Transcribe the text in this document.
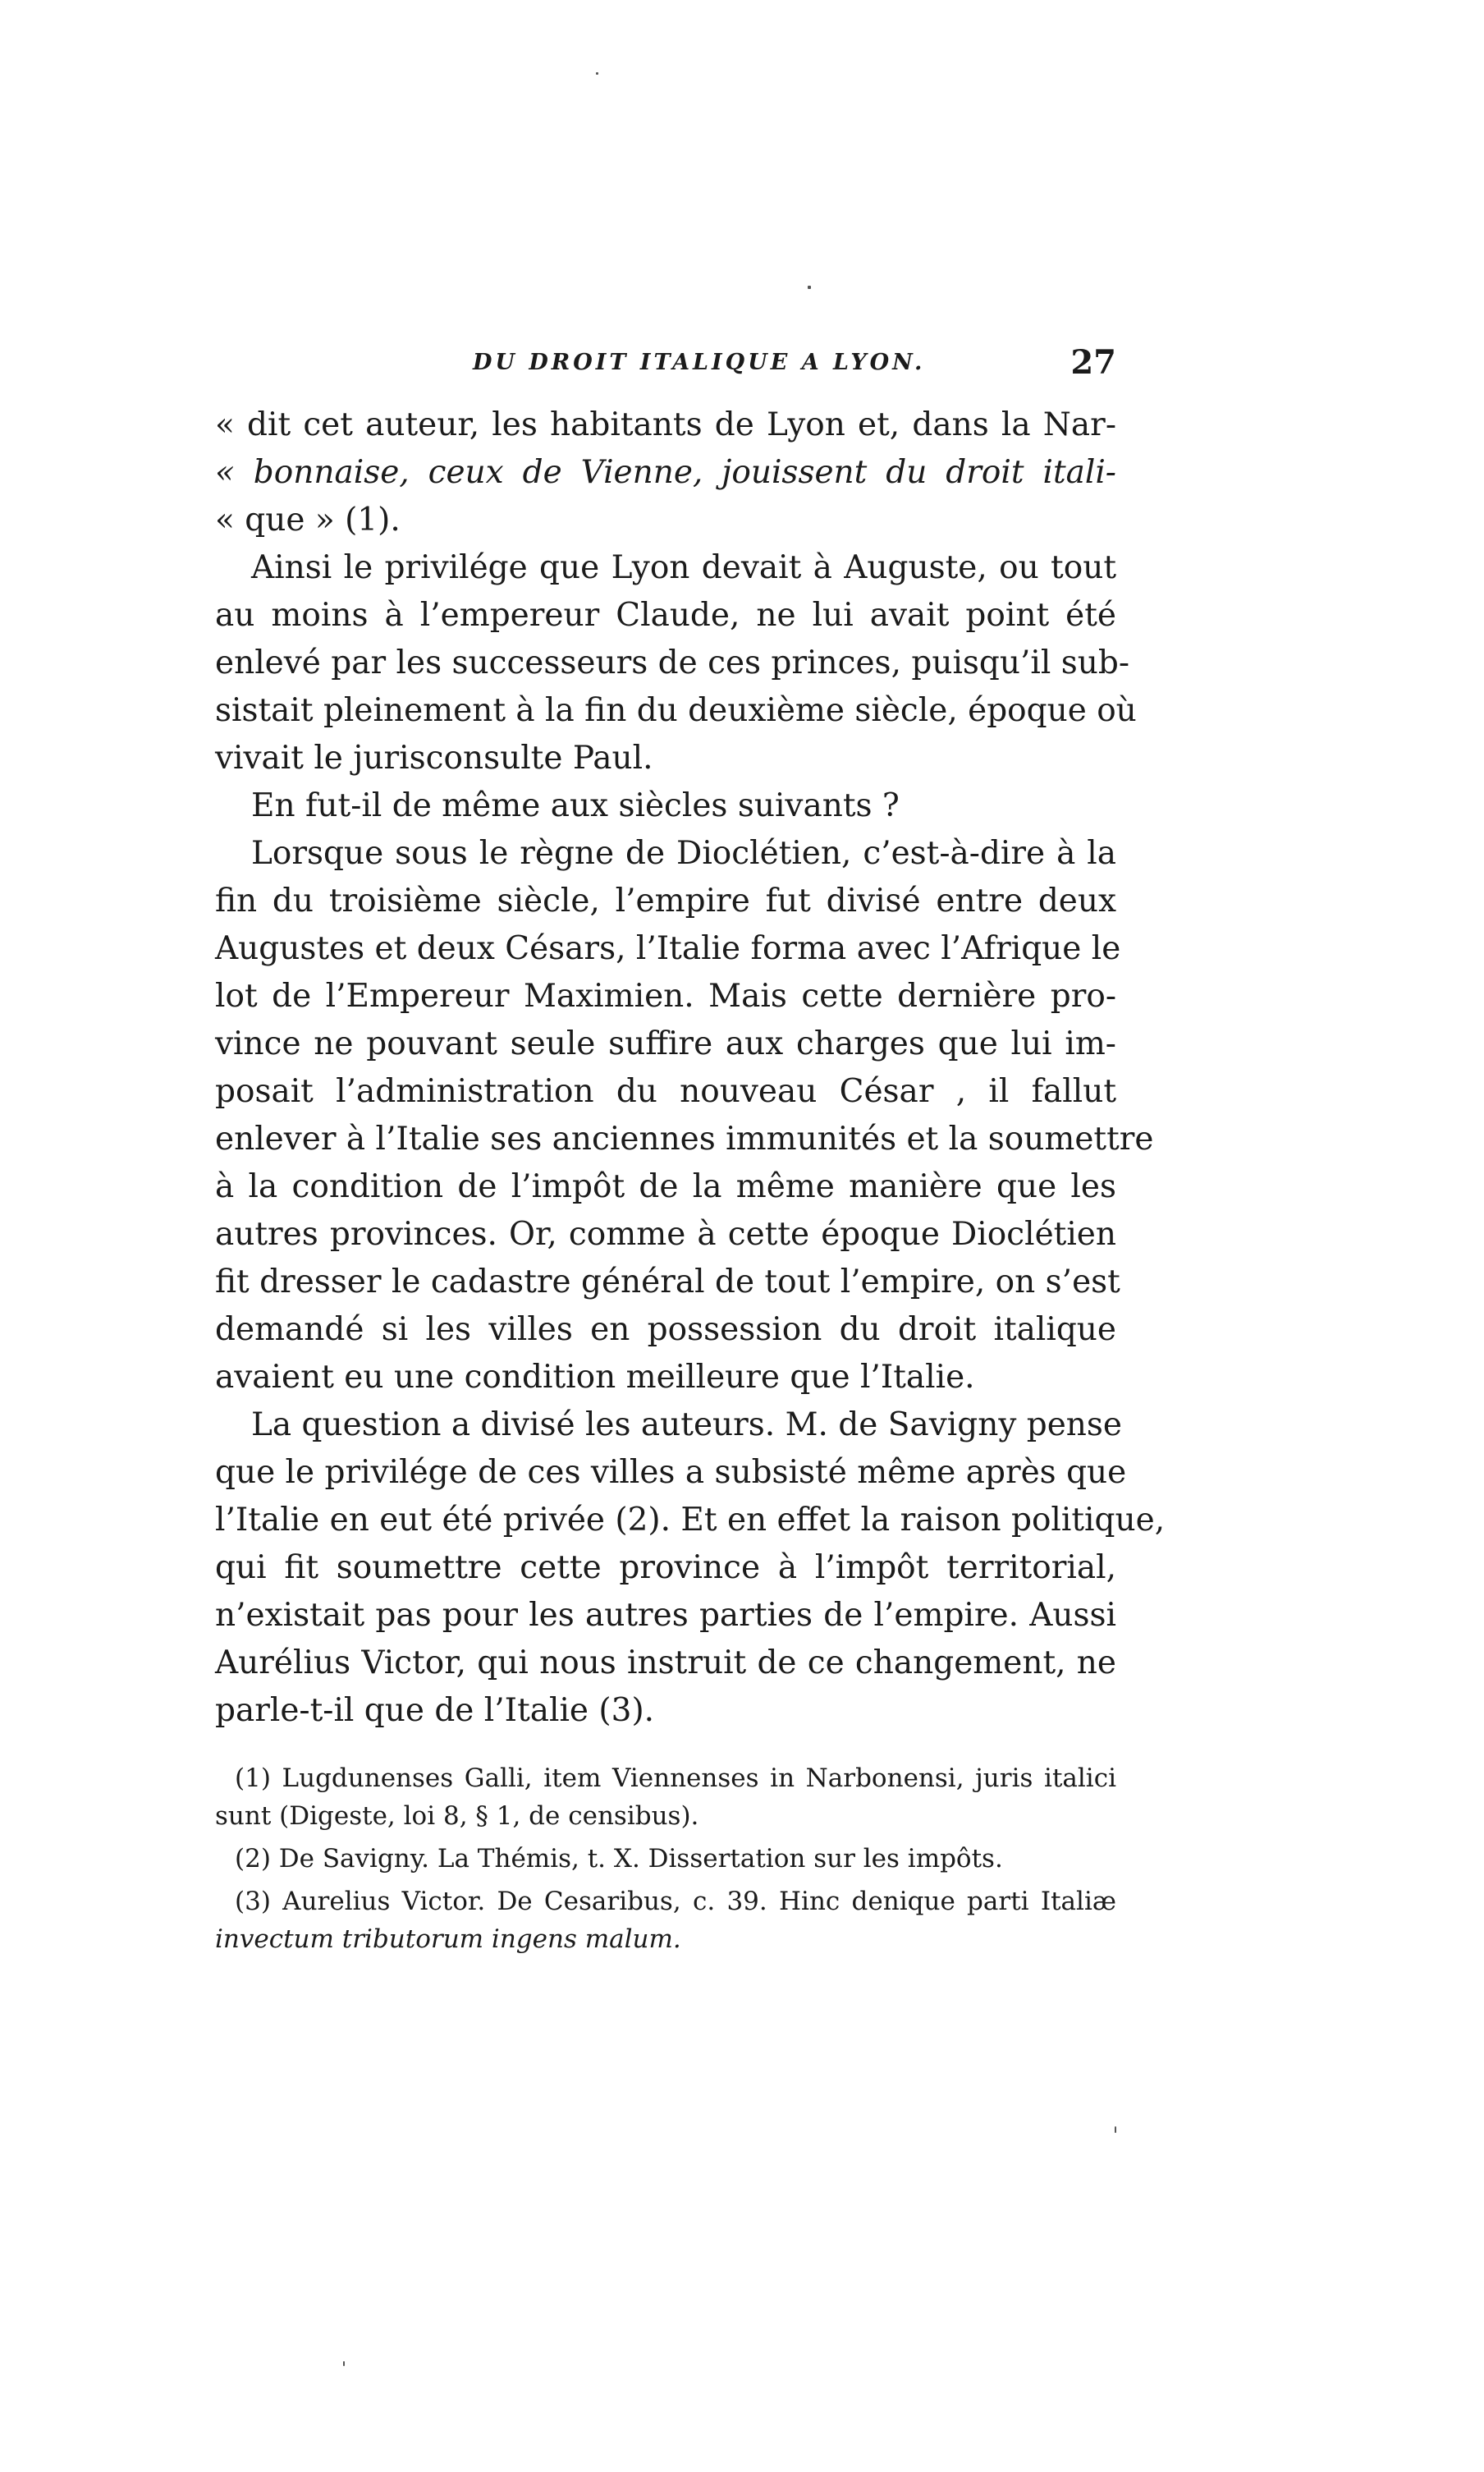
DU DROIT ITALIQUE A LYON.	27
« dit cet auteur, les habitants de Lyon et, dans la Nar-
« bonnaise, ceux de Vienne, jouissent du droit itali-
« que » (1).
Ainsi le privilége que Lyon devait à Auguste, ou tout
au moins à l’empereur Claude, ne lui avait point été
enlevé par les successeurs de ces princes, puisqu’il sub-
sistait pleinement à la fin du deuxième siècle, époque où
vivait le jurisconsulte Paul.
En fut-il de même aux siècles suivants ?
Lorsque sous le règne de Dioclétien, c’est-à-dire à la
fin du troisième siècle, l’empire fut divisé entre deux
Augustes et deux Césars, l’Italie forma avec l’Afrique le
lot de l’Empereur Maximien. Mais cette dernière pro-
vince ne pouvant seule suffire aux charges que lui im-
posait l’administration du nouveau César , il fallut
enlever à l’Italie ses anciennes immunités et la soumettre
à la condition de l’impôt de la même manière que les
autres provinces. Or, comme à cette époque Dioclétien
fit dresser le cadastre général de tout l’empire, on s’est
demandé si les villes en possession du droit italique
avaient eu une condition meilleure que l’Italie.
La question a divisé les auteurs. M. de Savigny pense
que le privilége de ces villes a subsisté même après que
l’Italie en eut été privée (2). Et en effet la raison politique,
qui fit soumettre cette province à l’impôt territorial,
n’existait pas pour les autres parties de l’empire. Aussi
Aurélius Victor, qui nous instruit de ce changement, ne
parle-t-il que de l’Italie (3).
(1) Lugdunenses Galli, item Viennenses in Narbonensi, juris italici
sunt (Digeste, loi 8, § 1, de censibus).
(2) De Savigny. La Thémis, t. X. Dissertation sur les impôts.
(3) Aurelius Victor. De Cesaribus, c. 39. Hinc denique parti Italiæ
invectum tributorum ingens malum.
